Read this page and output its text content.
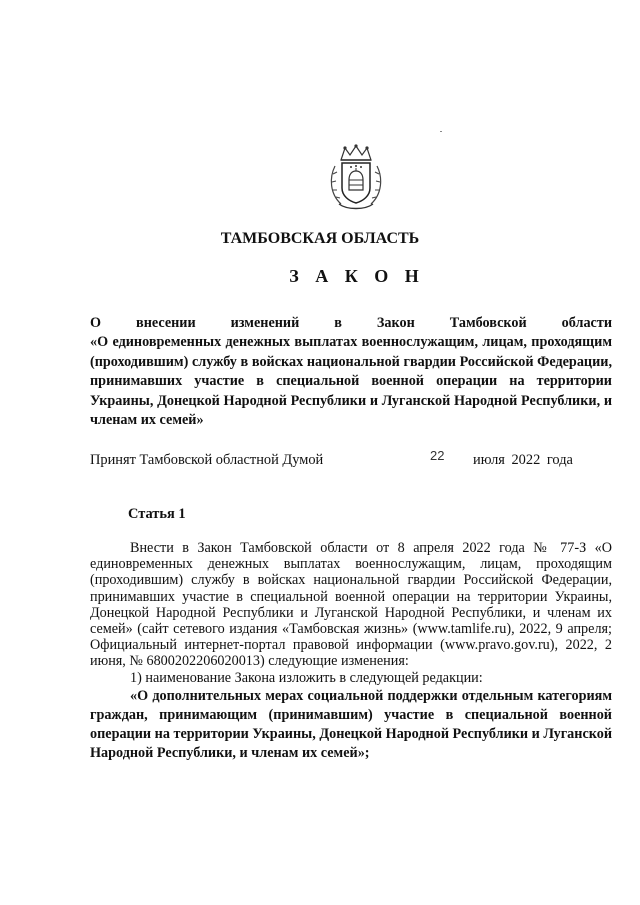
ТАМБОВСКАЯ ОБЛАСТЬ
З А К О Н
О внесении изменений в Закон Тамбовской области
«О единовременных денежных выплатах военнослужащим, лицам, проходящим (проходившим) службу в войсках национальной гвардии Российской Федерации, принимавших участие в специальной военной операции на территории Украины, Донецкой Народной Республики и Луганской Народной Республики, и членам их семей»
Принят Тамбовской областной Думой	22 июля 2022 года
Статья 1

Внести в Закон Тамбовской области от 8 апреля 2022 года № 77-З «О единовременных денежных выплатах военнослужащим, лицам, проходящим (проходившим) службу в войсках национальной гвардии Российской Федерации, принимавших участие в специальной военной операции на территории Украины, Донецкой Народной Республики и Луганской Народной Республики, и членам их семей» (сайт сетевого издания «Тамбовская жизнь» (www.tamlife.ru), 2022, 9 апреля; Официальный интернет-портал правовой информации (www.pravo.gov.ru), 2022, 2 июня, № 6800202206020013) следующие изменения:

1) наименование Закона изложить в следующей редакции:

«О дополнительных мерах социальной поддержки отдельным категориям граждан, принимающим (принимавшим) участие в специальной военной операции на территории Украины, Донецкой Народной Республики и Луганской Народной Республики, и членам их семей»;
